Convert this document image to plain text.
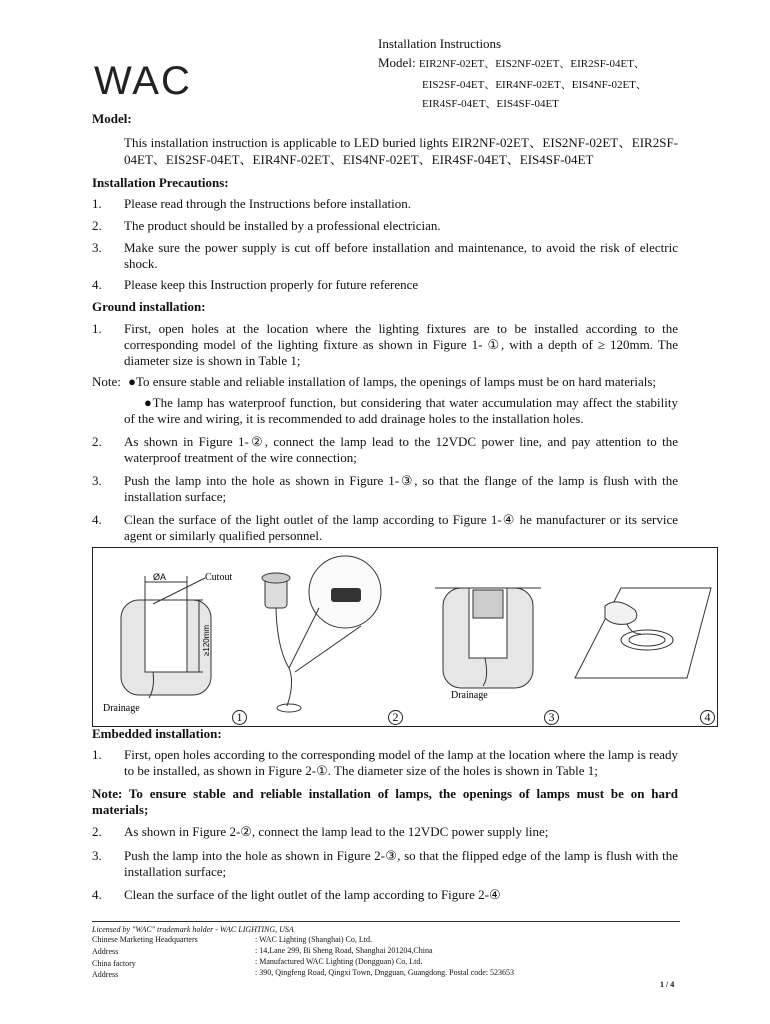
WAC
Installation Instructions
Model: EIR2NF-02ET、EIS2NF-02ET、EIR2SF-04ET、
EIS2SF-04ET、EIR4NF-02ET、EIS4NF-02ET、
EIR4SF-04ET、EIS4SF-04ET
Model:
This installation instruction is applicable to LED buried lights EIR2NF-02ET、EIS2NF-02ET、EIR2SF-04ET、EIS2SF-04ET、EIR4NF-02ET、EIS4NF-02ET、EIR4SF-04ET、EIS4SF-04ET
Installation Precautions:
1.	Please read through the Instructions before installation.
2.	The product should be installed by a professional electrician.
3.	Make sure the power supply is cut off before installation and maintenance, to avoid the risk of electric shock.
4.	Please keep this Instruction properly for future reference
Ground installation:
1.	First, open holes at the location where the lighting fixtures are to be installed according to the corresponding model of the lighting fixture as shown in Figure 1- ①, with a depth of ≥ 120mm. The diameter size is shown in Table 1;
Note: ●To ensure stable and reliable installation of lamps, the openings of lamps must be on hard materials;
●The lamp has waterproof function, but considering that water accumulation may affect the stability of the wire and wiring, it is recommended to add drainage holes to the installation holes.
2.	As shown in Figure 1-②, connect the lamp lead to the 12VDC power line, and pay attention to the waterproof treatment of the wire connection;
3.	Push the lamp into the hole as shown in Figure 1-③, so that the flange of the lamp is flush with the installation surface;
4.	Clean the surface of the light outlet of the lamp according to Figure 1-④ he manufacturer or its service agent or similarly qualified personnel.
ØA
≥120mm
Cutout
Drainage
1	2
Drainage
3	4
Embedded installation:
1.	First, open holes according to the corresponding model of the lamp at the location where the lamp is ready to be installed, as shown in Figure 2-①. The diameter size of the holes is shown in Table 1;
Note: To ensure stable and reliable installation of lamps, the openings of lamps must be on hard materials;
2.	As shown in Figure 2-②, connect the lamp lead to the 12VDC power supply line;
3.	Push the lamp into the hole as shown in Figure 2-③, so that the flipped edge of the lamp is flush with the installation surface;
4.	Clean the surface of the light outlet of the lamp according to Figure 2-④
Licensed by "WAC" trademark holder - WAC LIGHTING, USA
Chinese Marketing Headquarters	: WAC Lighting (Shanghai) Co, Ltd.
Address	: 14,Lane 299, Bi Sheng Road, Shanghai 201204,China
China factory	: Manufactured WAC Lighting (Dongguan) Co, Ltd.
Address	: 390, Qingfeng Road, Qingxi Town, Dngguan, Guangdong. Postal code: 523653
1 / 4
